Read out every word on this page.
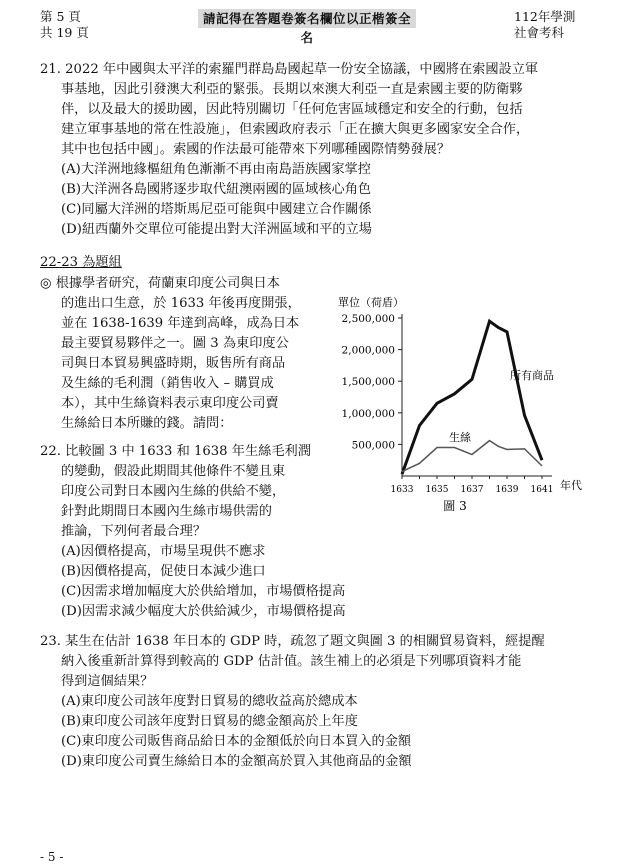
第 5 頁
共 19 頁
請記得在答題卷簽名欄位以正楷簽全名
112年學測
社會考科
21. 2022 年中國與太平洋的索羅門群島島國起草一份安全協議，中國將在索國設立軍
事基地，因此引發澳大利亞的緊張。長期以來澳大利亞一直是索國主要的防衛夥
伴，以及最大的援助國，因此特別關切「任何危害區域穩定和安全的行動，包括
建立軍事基地的常在性設施」，但索國政府表示「正在擴大與更多國家安全合作，
其中也包括中國」。索國的作法最可能帶來下列哪種國際情勢發展？
(A)大洋洲地緣樞紐角色漸漸不再由南島語族國家掌控
(B)大洋洲各島國將逐步取代紐澳兩國的區域核心角色
(C)同屬大洋洲的塔斯馬尼亞可能與中國建立合作關係
(D)紐西蘭外交單位可能提出對大洋洲區域和平的立場
22-23 為題組
◎ 根據學者研究，荷蘭東印度公司與日本
的進出口生意，於 1633 年後再度開張，
並在 1638-1639 年達到高峰，成為日本
最主要貿易夥伴之一。圖 3 為東印度公
司與日本貿易興盛時期，販售所有商品
及生絲的毛利潤（銷售收入 – 購買成
本），其中生絲資料表示東印度公司賣
生絲給日本所賺的錢。請問：
22. 比較圖 3 中 1633 和 1638 年生絲毛利潤
的變動，假設此期間其他條件不變且東
印度公司對日本國內生絲的供給不變，
針對此期間日本國內生絲市場供需的
推論，下列何者最合理？
(A)因價格提高，市場呈現供不應求
(B)因價格提高，促使日本減少進口
(C)因需求增加幅度大於供給增加，市場價格提高
(D)因需求減少幅度大於供給減少，市場價格提高
23. 某生在估計 1638 年日本的 GDP 時，疏忽了題文與圖 3 的相關貿易資料，經提醒
納入後重新計算得到較高的 GDP 估計值。該生補上的必須是下列哪項資料才能
得到這個結果？
(A)東印度公司該年度對日貿易的總收益高於總成本
(B)東印度公司該年度對日貿易的總金額高於上年度
(C)東印度公司販售商品給日本的金額低於向日本買入的金額
(D)東印度公司賣生絲給日本的金額高於買入其他商品的金額
500,000
1,000,000
1,500,000
2,000,000
2,500,000
1633 1635 1637 1639 1641
所有商品
生絲
單位（荷盾）
年代
圖 3
- 5 -
